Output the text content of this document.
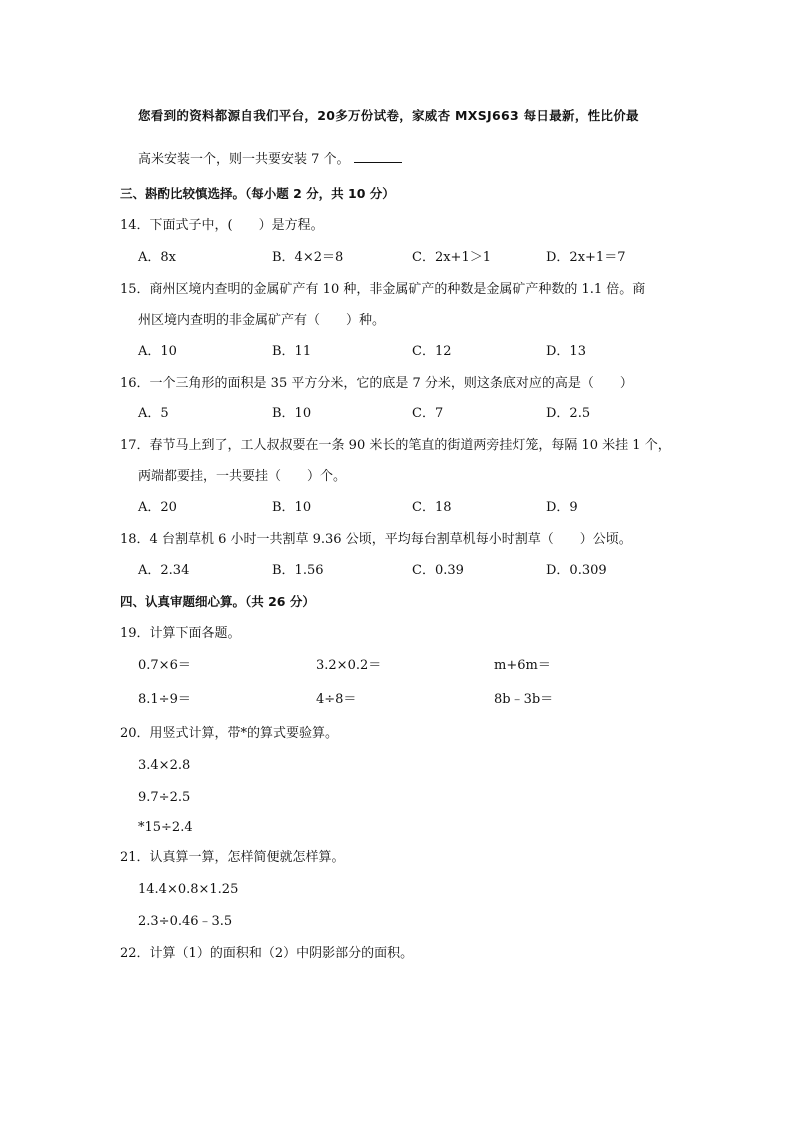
您看到的资料都源自我们平台，20多万份试卷，家威杏 MXSJ663 每日最新，性比价最
高米安装一个，则一共要安装 7 个。
三、斟酌比较慎选择。（每小题 2 分，共 10 分）
14．下面式子中，(　　）是方程。
A．8x	B．4×2＝8	C．2x+1＞1	D．2x+1＝7
15．商州区境内查明的金属矿产有 10 种，非金属矿产的种数是金属矿产种数的 1.1 倍。商
州区境内查明的非金属矿产有（　　）种。
A．10	B．11	C．12	D．13
16．一个三角形的面积是 35 平方分米，它的底是 7 分米，则这条底对应的高是（　　）
A．5	B．10	C．7	D．2.5
17．春节马上到了，工人叔叔要在一条 90 米长的笔直的街道两旁挂灯笼，每隔 10 米挂 1 个，
两端都要挂，一共要挂（　　）个。
A．20	B．10	C．18	D．9
18．4 台割草机 6 小时一共割草 9.36 公顷，平均每台割草机每小时割草（　　）公顷。
A．2.34	B．1.56	C．0.39	D．0.309
四、认真审题细心算。（共 26 分）
19．计算下面各题。
0.7×6＝	3.2×0.2＝	m+6m＝
8.1÷9＝	4÷8＝	8b﹣3b＝
20．用竖式计算，带*的算式要验算。
3.4×2.8
9.7÷2.5
*15÷2.4
21．认真算一算，怎样简便就怎样算。
14.4×0.8×1.25
2.3÷0.46﹣3.5
22．计算（1）的面积和（2）中阴影部分的面积。
